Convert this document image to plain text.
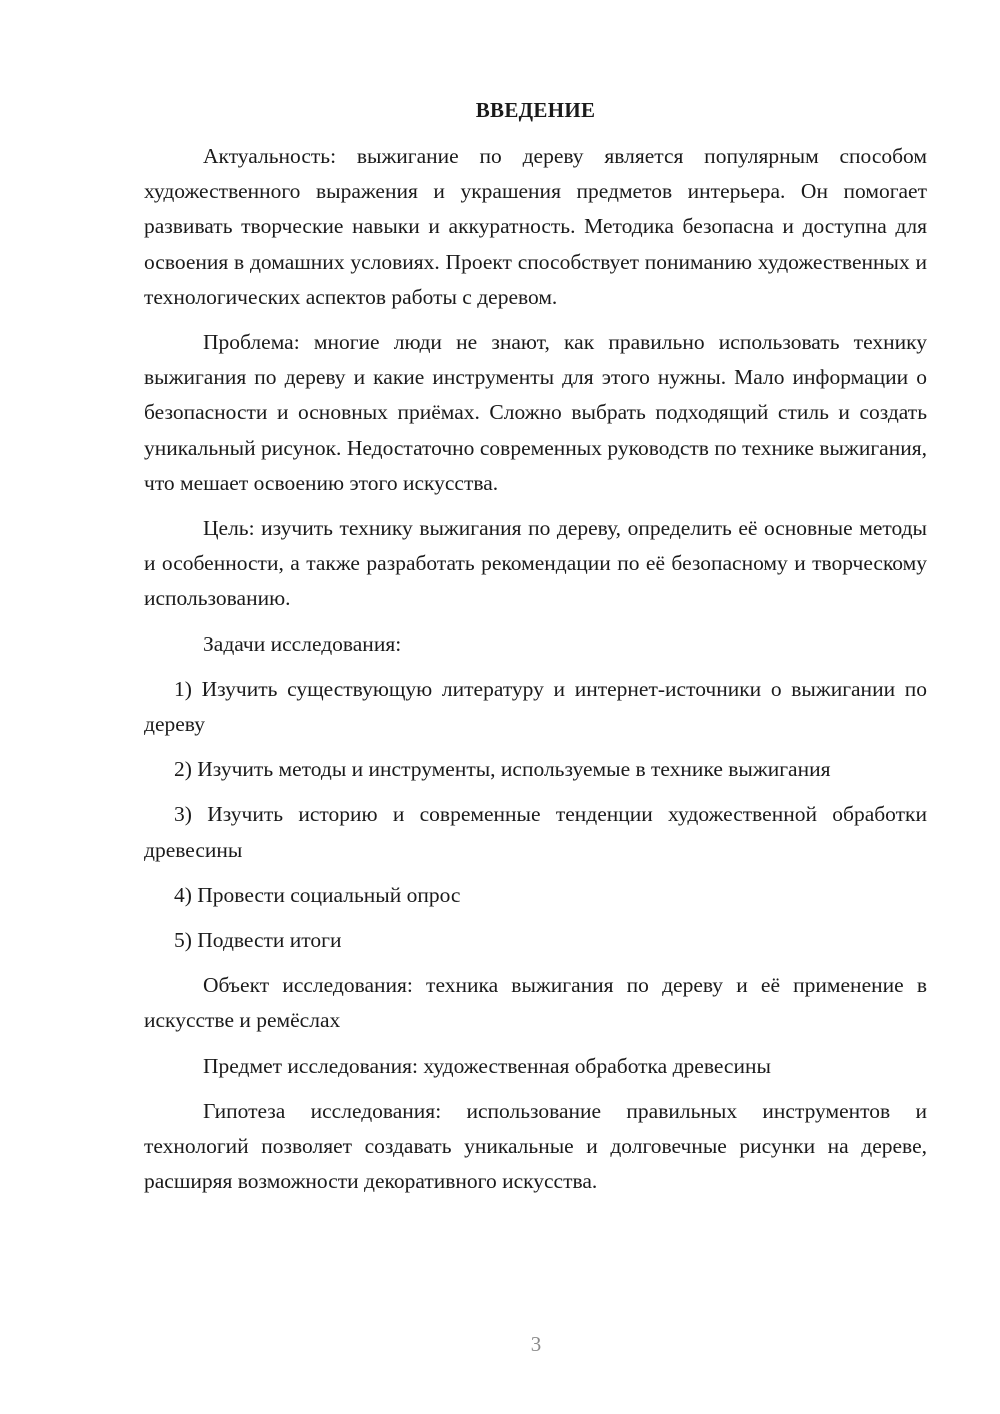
ВВЕДЕНИЕ

Актуальность: выжигание по дереву является популярным способом художественного выражения и украшения предметов интерьера. Он помогает развивать творческие навыки и аккуратность. Методика безопасна и доступна для освоения в домашних условиях. Проект способствует пониманию художественных и технологических аспектов работы с деревом.

Проблема: многие люди не знают, как правильно использовать технику выжигания по дереву и какие инструменты для этого нужны. Мало информации о безопасности и основных приёмах. Сложно выбрать подходящий стиль и создать уникальный рисунок. Недостаточно современных руководств по технике выжигания, что мешает освоению этого искусства.

Цель: изучить технику выжигания по дереву, определить её основные методы и особенности, а также разработать рекомендации по её безопасному и творческому использованию.

Задачи исследования:

1) Изучить существующую литературу и интернет-источники о выжигании по дереву

2) Изучить методы и инструменты, используемые в технике выжигания

3) Изучить историю и современные тенденции художественной обработки древесины

4) Провести социальный опрос

5) Подвести итоги

Объект исследования: техника выжигания по дереву и её применение в искусстве и ремёслах

Предмет исследования: художественная обработка древесины

Гипотеза исследования: использование правильных инструментов и технологий позволяет создавать уникальные и долговечные рисунки на дереве, расширяя возможности декоративного искусства.

3
